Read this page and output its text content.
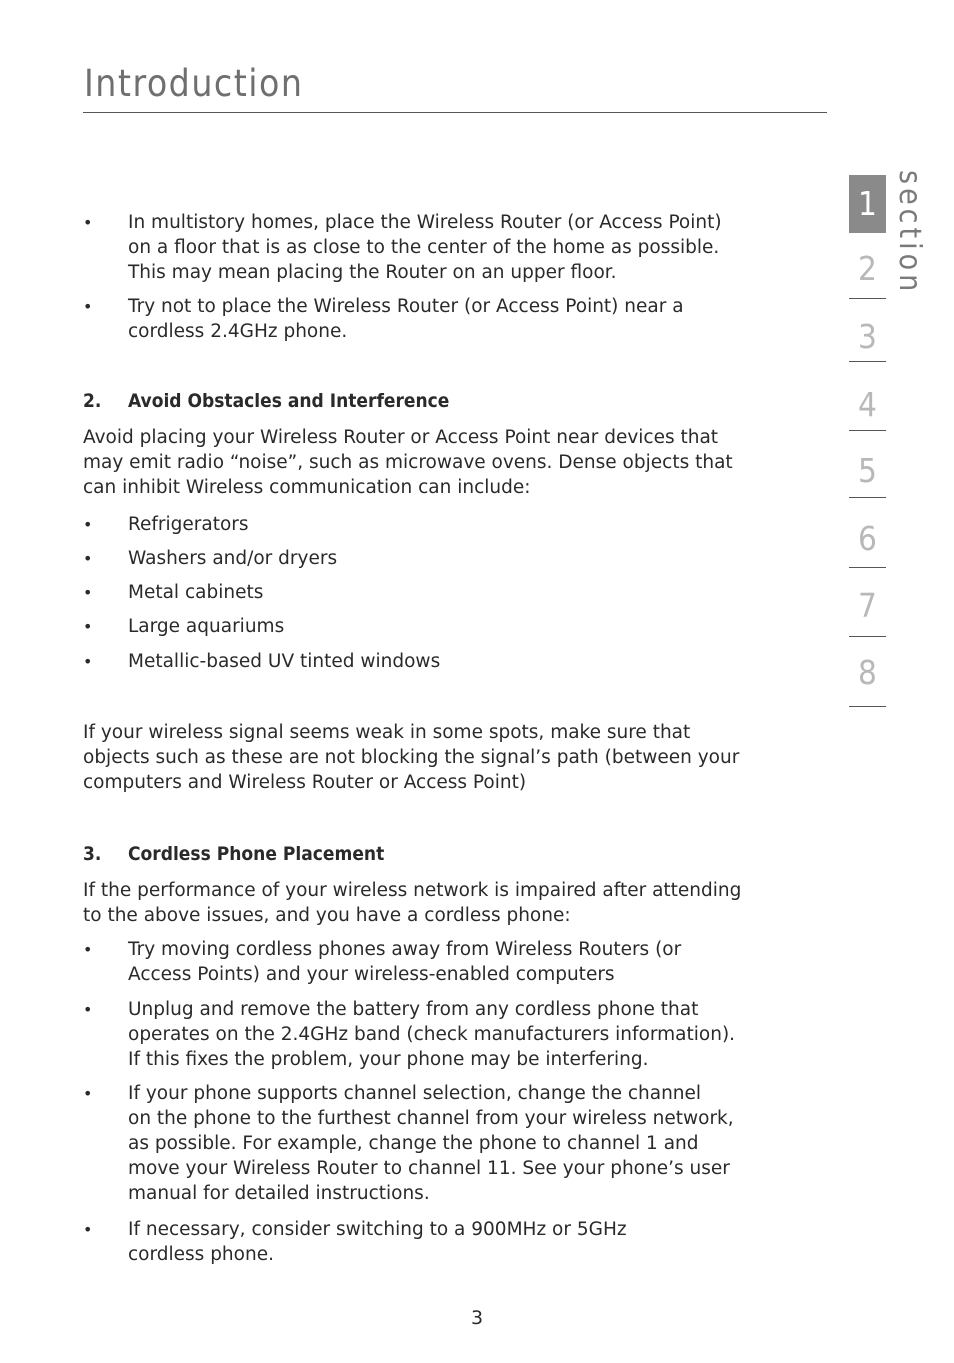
Introduction
• In multistory homes, place the Wireless Router (or Access Point)
on a floor that is as close to the center of the home as possible.
This may mean placing the Router on an upper floor.
• Try not to place the Wireless Router (or Access Point) near a
cordless 2.4GHz phone.
2. Avoid Obstacles and Interference
Avoid placing your Wireless Router or Access Point near devices that
may emit radio “noise”, such as microwave ovens. Dense objects that
can inhibit Wireless communication can include:
• Refrigerators
• Washers and/or dryers
• Metal cabinets
• Large aquariums
• Metallic-based UV tinted windows
If your wireless signal seems weak in some spots, make sure that
objects such as these are not blocking the signal’s path (between your
computers and Wireless Router or Access Point)
3. Cordless Phone Placement
If the performance of your wireless network is impaired after attending
to the above issues, and you have a cordless phone:
• Try moving cordless phones away from Wireless Routers (or
Access Points) and your wireless-enabled computers
• Unplug and remove the battery from any cordless phone that
operates on the 2.4GHz band (check manufacturers information).
If this fixes the problem, your phone may be interfering.
• If your phone supports channel selection, change the channel
on the phone to the furthest channel from your wireless network,
as possible. For example, change the phone to channel 1 and
move your Wireless Router to channel 11. See your phone’s user
manual for detailed instructions.
• If necessary, consider switching to a 900MHz or 5GHz
cordless phone.
section
1
2
3
4
5
6
7
8
3
